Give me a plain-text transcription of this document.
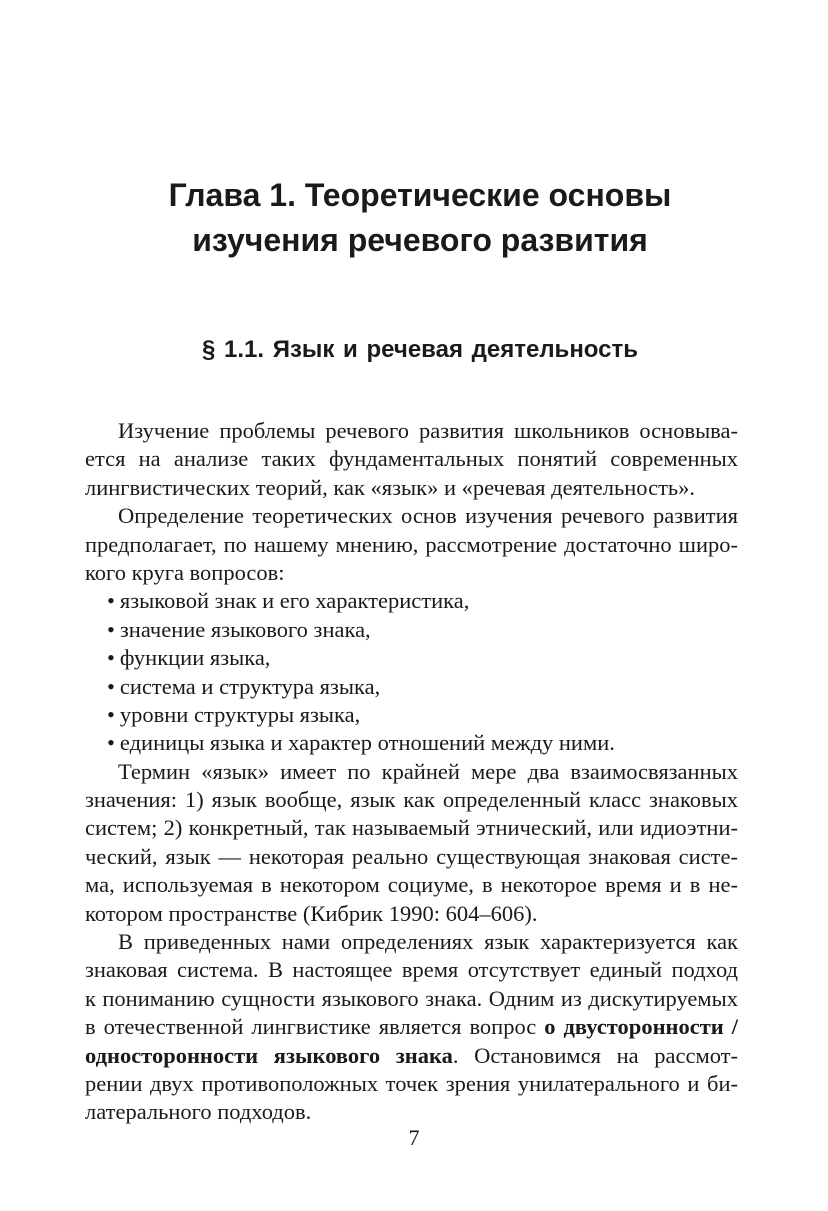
Глава 1. Теоретические основы
изучения речевого развития
§ 1.1. Язык и речевая деятельность
Изучение проблемы речевого развития школьников основыва-
ется на анализе таких фундаментальных понятий современных
лингвистических теорий, как «язык» и «речевая деятельность».
Определение теоретических основ изучения речевого развития
предполагает, по нашему мнению, рассмотрение достаточно широ-
кого круга вопросов:
• языковой знак и его характеристика,
• значение языкового знака,
• функции языка,
• система и структура языка,
• уровни структуры языка,
• единицы языка и характер отношений между ними.
Термин «язык» имеет по крайней мере два взаимосвязанных
значения: 1) язык вообще, язык как определенный класс знаковых
систем; 2) конкретный, так называемый этнический, или идиоэтни-
ческий, язык — некоторая реально существующая знаковая систе-
ма, используемая в некотором социуме, в некоторое время и в не-
котором пространстве (Кибрик 1990: 604–606).
В приведенных нами определениях язык характеризуется как
знаковая система. В настоящее время отсутствует единый подход
к пониманию сущности языкового знака. Одним из дискутируемых
в отечественной лингвистике является вопрос о двусторонности /
односторонности языкового знака. Остановимся на рассмот-
рении двух противоположных точек зрения унилатерального и би-
латерального подходов.
7
